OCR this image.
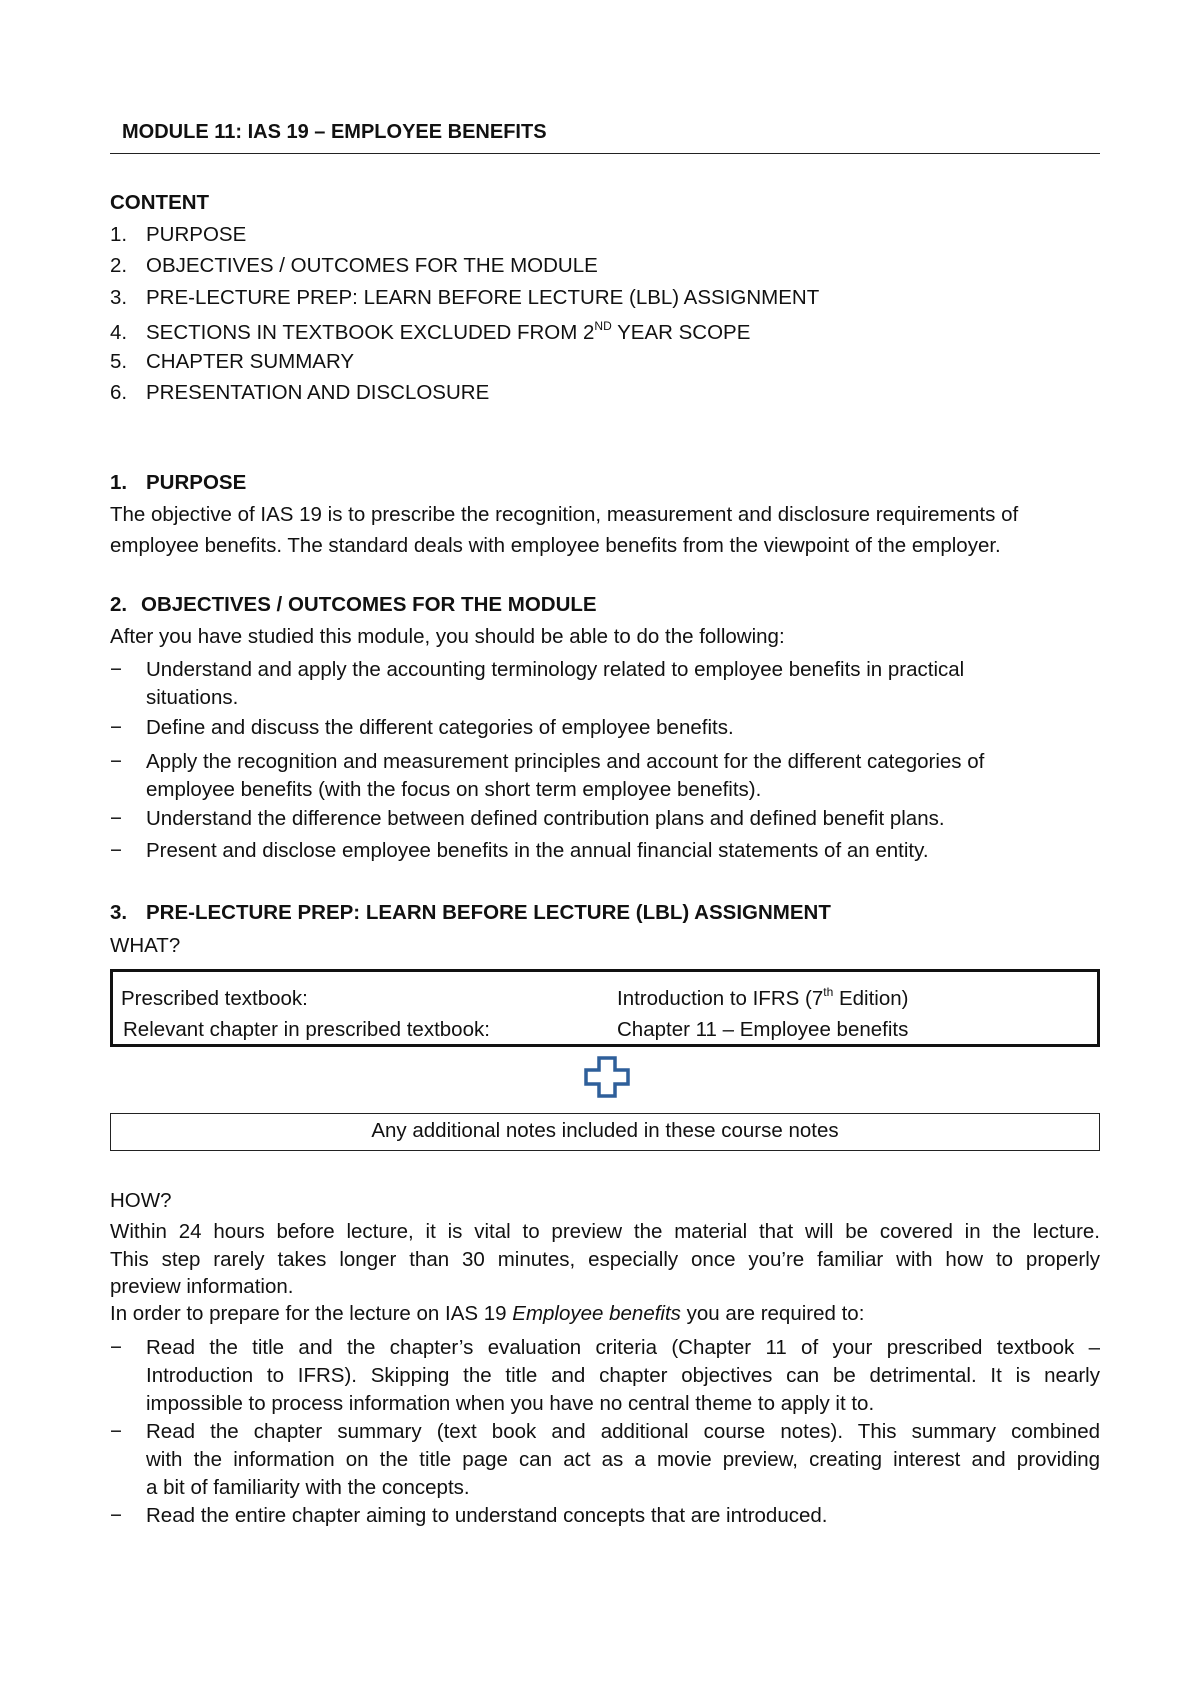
MODULE 11: IAS 19 – EMPLOYEE BENEFITS
CONTENT
1. PURPOSE
2. OBJECTIVES / OUTCOMES FOR THE MODULE
3. PRE-LECTURE PREP: LEARN BEFORE LECTURE (LBL) ASSIGNMENT
4. SECTIONS IN TEXTBOOK EXCLUDED FROM 2ND YEAR SCOPE
5. CHAPTER SUMMARY
6. PRESENTATION AND DISCLOSURE
1. PURPOSE
The objective of IAS 19 is to prescribe the recognition, measurement and disclosure requirements of
employee benefits. The standard deals with employee benefits from the viewpoint of the employer.
2. OBJECTIVES / OUTCOMES FOR THE MODULE
After you have studied this module, you should be able to do the following:
− Understand and apply the accounting terminology related to employee benefits in practical
situations.
− Define and discuss the different categories of employee benefits.
− Apply the recognition and measurement principles and account for the different categories of
employee benefits (with the focus on short term employee benefits).
− Understand the difference between defined contribution plans and defined benefit plans.
− Present and disclose employee benefits in the annual financial statements of an entity.
3. PRE-LECTURE PREP: LEARN BEFORE LECTURE (LBL) ASSIGNMENT
WHAT?
Prescribed textbook:	Introduction to IFRS (7th Edition)
Relevant chapter in prescribed textbook:	Chapter 11 – Employee benefits
Any additional notes included in these course notes
HOW?
Within 24 hours before lecture, it is vital to preview the material that will be covered in the lecture.
This step rarely takes longer than 30 minutes, especially once you’re familiar with how to properly
preview information.
In order to prepare for the lecture on IAS 19 Employee benefits you are required to:
− Read the title and the chapter’s evaluation criteria (Chapter 11 of your prescribed textbook –
Introduction to IFRS). Skipping the title and chapter objectives can be detrimental. It is nearly
impossible to process information when you have no central theme to apply it to.
− Read the chapter summary (text book and additional course notes). This summary combined
with the information on the title page can act as a movie preview, creating interest and providing
a bit of familiarity with the concepts.
− Read the entire chapter aiming to understand concepts that are introduced.
